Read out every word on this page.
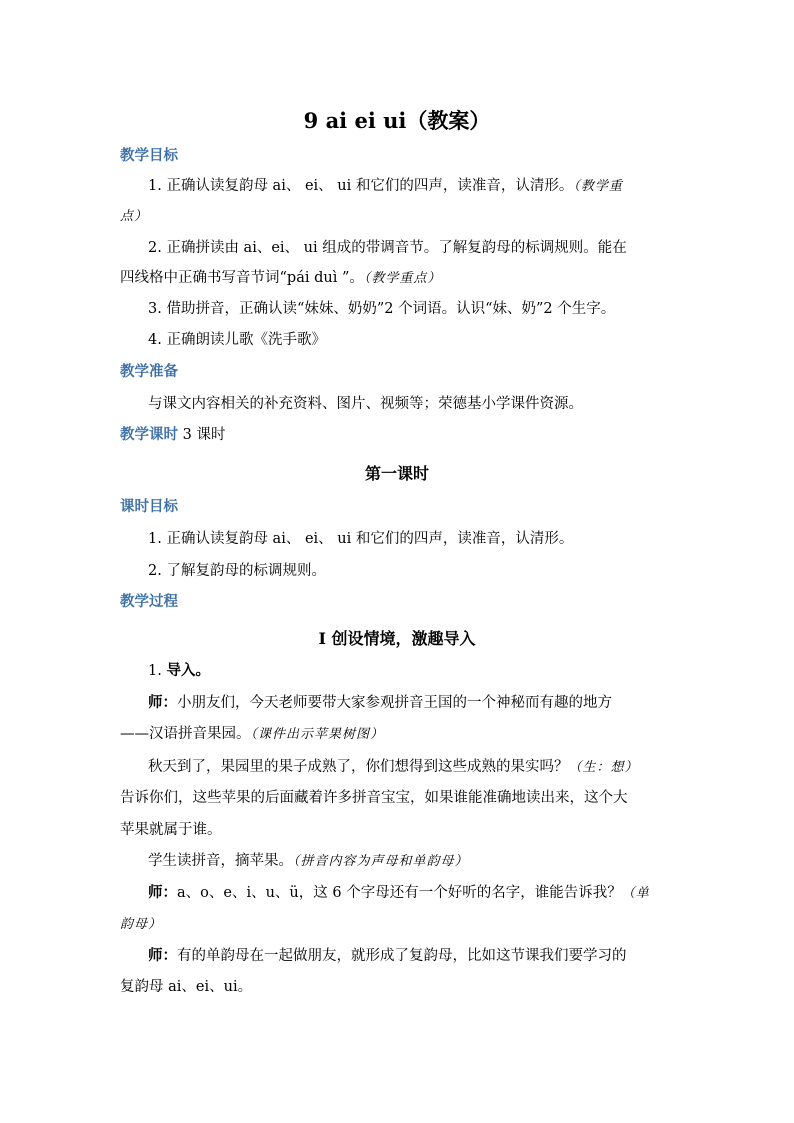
9 ai ei ui（教案）
教学目标
1. 正确认读复韵母 ai、 ei、 ui 和它们的四声，读准音，认清形。（教学重
点）
2. 正确拼读由 ai、ei、 ui 组成的带调音节。了解复韵母的标调规则。能在
四线格中正确书写音节词“pái duì ”。（教学重点）
3. 借助拼音，正确认读“妹妹、奶奶”2 个词语。认识“妹、奶”2 个生字。
4. 正确朗读儿歌《洗手歌》
教学准备
与课文内容相关的补充资料、图片、视频等；荣德基小学课件资源。
教学课时 3 课时
第一课时
课时目标
1. 正确认读复韵母 ai、 ei、 ui 和它们的四声，读准音，认清形。
2. 了解复韵母的标调规则。
教学过程
Ⅰ 创设情境，激趣导入
1. 导入。
师：小朋友们，今天老师要带大家参观拼音王国的一个神秘而有趣的地方
——汉语拼音果园。（课件出示苹果树图）
秋天到了，果园里的果子成熟了，你们想得到这些成熟的果实吗？（生：想）
告诉你们，这些苹果的后面藏着许多拼音宝宝，如果谁能准确地读出来，这个大
苹果就属于谁。
学生读拼音，摘苹果。（拼音内容为声母和单韵母）
师：a、o、e、i、u、ü，这 6 个字母还有一个好听的名字，谁能告诉我？（单
韵母）
师：有的单韵母在一起做朋友，就形成了复韵母，比如这节课我们要学习的
复韵母 ai、ei、ui。
